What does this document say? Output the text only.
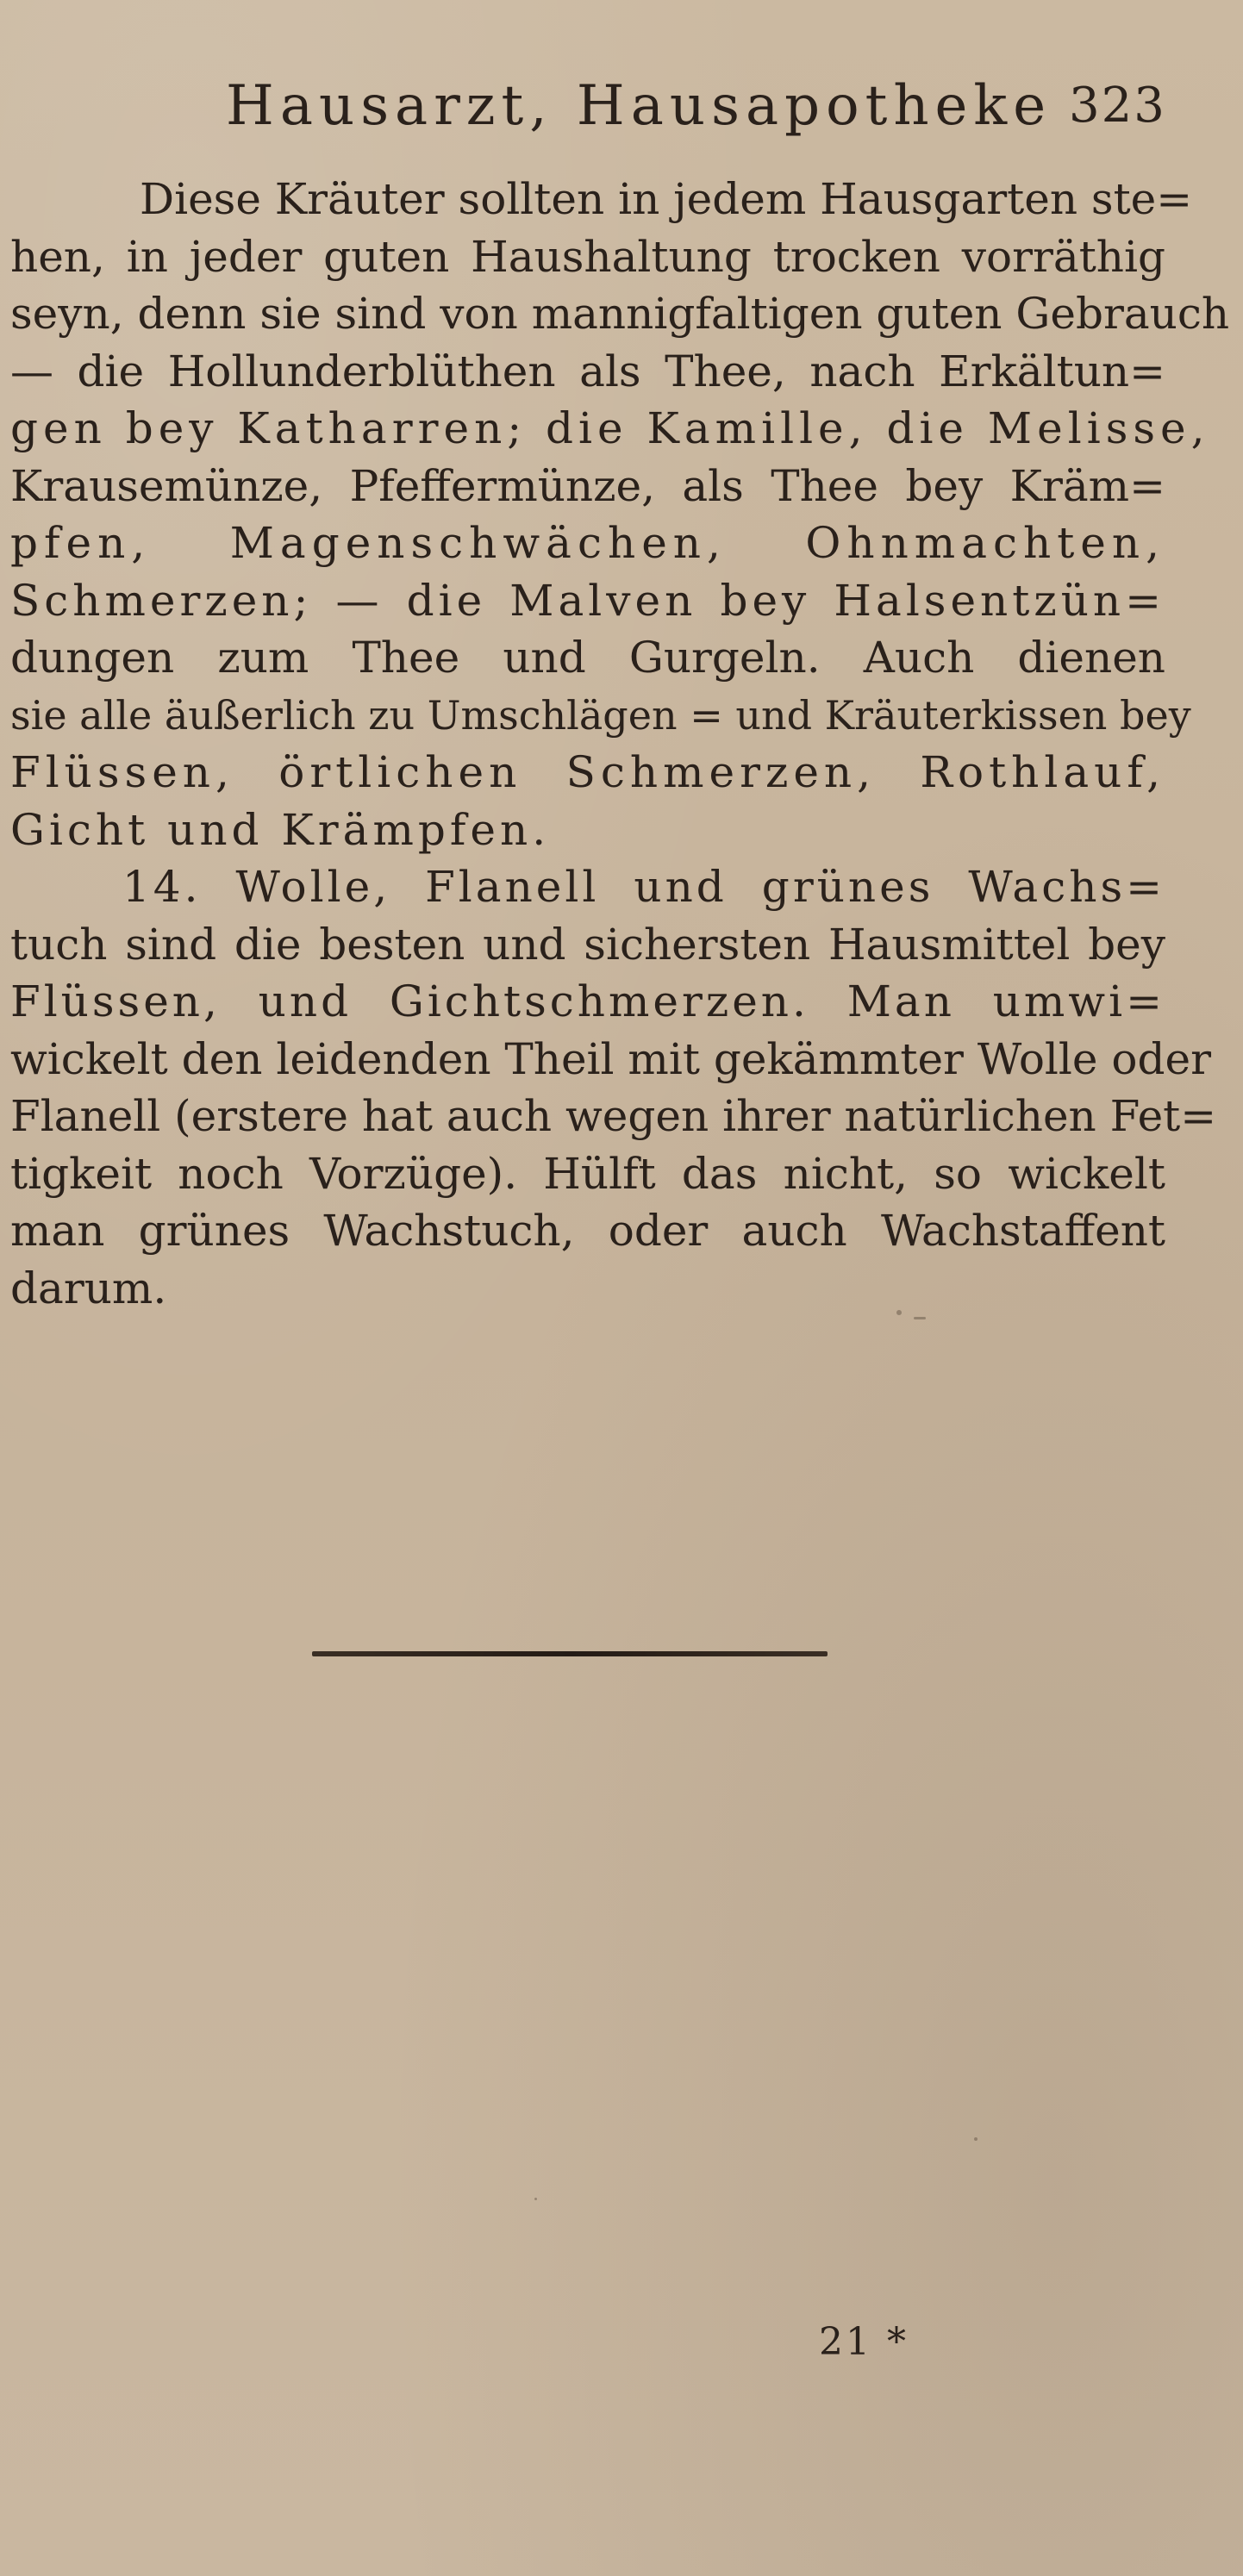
Hausarzt, Hausapotheke 323
Diese Kräuter sollten in jedem Hausgarten ste=
hen, in jeder guten Haushaltung trocken vorräthig
seyn, denn sie sind von mannigfaltigen guten Gebrauch
— die Hollunderblüthen als Thee, nach Erkältun=
gen bey Katharren; die Kamille, die Melisse,
Krausemünze, Pfeffermünze, als Thee bey Kräm=
pfen, Magenschwächen, Ohnmachten,
Schmerzen; — die Malven bey Halsentzün=
dungen zum Thee und Gurgeln. Auch dienen
sie alle äußerlich zu Umschlägen = und Kräuterkissen bey
Flüssen, örtlichen Schmerzen, Rothlauf,
Gicht und Krämpfen.
14. Wolle, Flanell und grünes Wachs=
tuch sind die besten und sichersten Hausmittel bey
Flüssen, und Gichtschmerzen. Man umwi=
wickelt den leidenden Theil mit gekämmter Wolle oder
Flanell (erstere hat auch wegen ihrer natürlichen Fet=
tigkeit noch Vorzüge). Hülft das nicht, so wickelt
man grünes Wachstuch, oder auch Wachstaffent
darum.
21 *
